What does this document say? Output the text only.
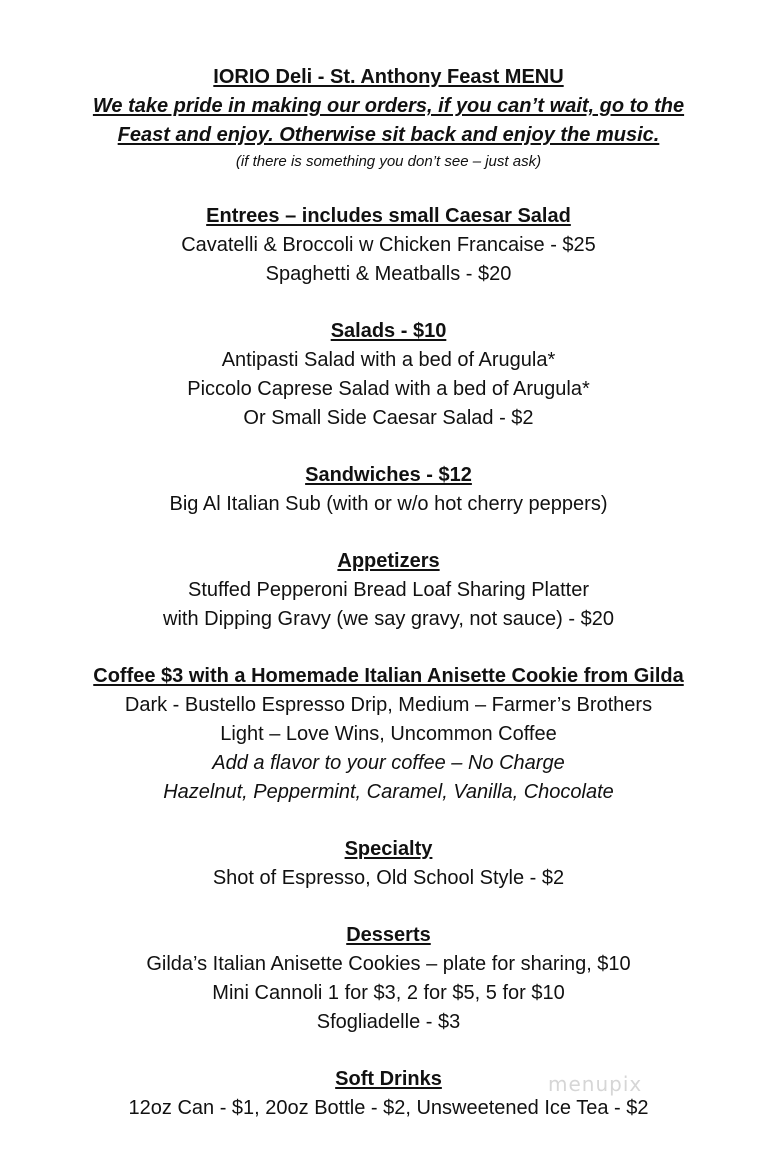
IORIO Deli - St. Anthony Feast MENU
We take pride in making our orders, if you can’t wait, go to the
Feast and enjoy. Otherwise sit back and enjoy the music.
(if there is something you don’t see – just ask)
Entrees – includes small Caesar Salad
Cavatelli & Broccoli w Chicken Francaise - $25
Spaghetti & Meatballs - $20
Salads - $10
Antipasti Salad with a bed of Arugula*
Piccolo Caprese Salad with a bed of Arugula*
Or Small Side Caesar Salad - $2
Sandwiches - $12
Big Al Italian Sub (with or w/o hot cherry peppers)
Appetizers
Stuffed Pepperoni Bread Loaf Sharing Platter
with Dipping Gravy (we say gravy, not sauce) - $20
Coffee $3 with a Homemade Italian Anisette Cookie from Gilda
Dark - Bustello Espresso Drip, Medium – Farmer’s Brothers
Light – Love Wins, Uncommon Coffee
Add a flavor to your coffee – No Charge
Hazelnut, Peppermint, Caramel, Vanilla, Chocolate
Specialty
Shot of Espresso, Old School Style - $2
Desserts
Gilda’s Italian Anisette Cookies – plate for sharing, $10
Mini Cannoli 1 for $3, 2 for $5, 5 for $10
Sfogliadelle - $3
Soft Drinks
12oz Can - $1, 20oz Bottle - $2, Unsweetened Ice Tea - $2
menupix
